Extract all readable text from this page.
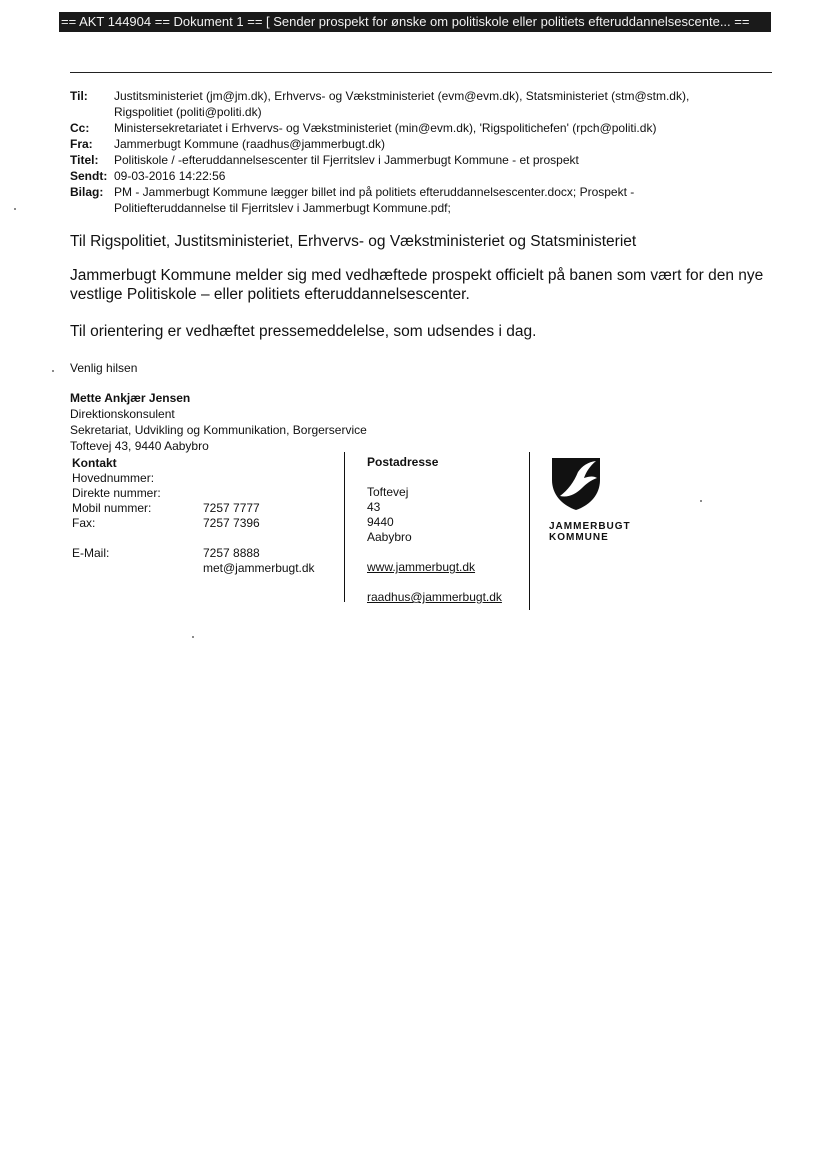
== AKT 144904 == Dokument 1 == [ Sender prospekt for ønske om politiskole eller politiets efteruddannelsescente... ==
Til:	Justitsministeriet (jm@jm.dk), Erhvervs- og Vækstministeriet (evm@evm.dk), Statsministeriet (stm@stm.dk),
Rigspolitiet (politi@politi.dk)
Cc:	Ministersekretariatet i Erhvervs- og Vækstministeriet (min@evm.dk), 'Rigspolitichefen' (rpch@politi.dk)
Fra:	Jammerbugt Kommune (raadhus@jammerbugt.dk)
Titel:	Politiskole / -efteruddannelsescenter til Fjerritslev i Jammerbugt Kommune - et prospekt
Sendt: 09-03-2016 14:22:56
Bilag: PM - Jammerbugt Kommune lægger billet ind på politiets efteruddannelsescenter.docx; Prospekt -
Politiefteruddannelse til Fjerritslev i Jammerbugt Kommune.pdf;
Til Rigspolitiet, Justitsministeriet, Erhvervs- og Vækstministeriet og Statsministeriet
Jammerbugt Kommune melder sig med vedhæftede prospekt officielt på banen som vært for den nye
vestlige Politiskole – eller politiets efteruddannelsescenter.
Til orientering er vedhæftet pressemeddelelse, som udsendes i dag.
Venlig hilsen
Mette Ankjær Jensen
Direktionskonsulent
Sekretariat, Udvikling og Kommunikation, Borgerservice
Toftevej 43, 9440 Aabybro
Kontakt
Hovednummer:
Direkte nummer:
Mobil nummer:	7257 7777
Fax:	7257 7396
E-Mail:	7257 8888
met@jammerbugt.dk
Postadresse
Toftevej
43
9440
Aabybro
www.jammerbugt.dk
raadhus@jammerbugt.dk
JAMMERBUGT
KOMMUNE
